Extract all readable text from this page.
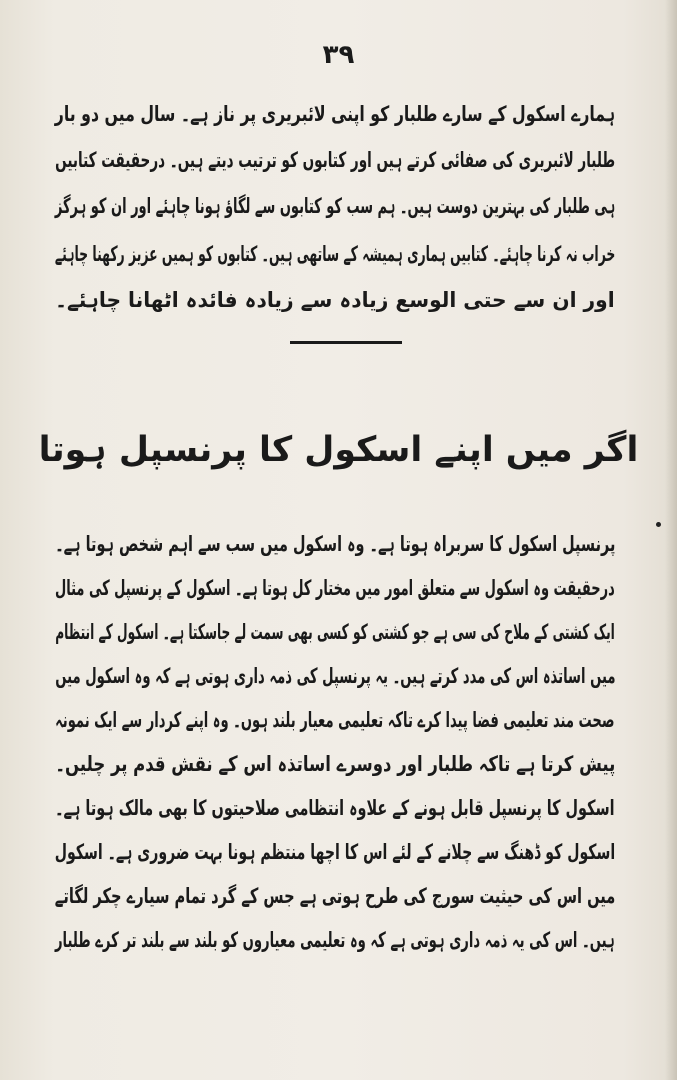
۳۹
ہمارے اسکول کے سارے طلبار کو اپنی لائبریری پر ناز ہے۔ سال میں دو بار
طلبار لائبریری کی صفائی کرتے ہیں اور کتابوں کو ترتیب دیتے ہیں۔ درحقیقت کتابیں
ہی طلبار کی بہترین دوست ہیں۔ ہم سب کو کتابوں سے لگاؤ ہونا چاہئے اور ان کو ہرگز
خراب نہ کرنا چاہئے۔ کتابیں ہماری ہمیشہ کے ساتھی ہیں۔ کتابوں کو ہمیں عزیز رکھنا چاہئے
اور ان سے حتی الوسع زیادہ سے زیادہ فائدہ اٹھانا چاہئے۔
اگر میں اپنے اسکول کا پرنسپل ہوتا
پرنسپل اسکول کا سربراہ ہوتا ہے۔ وہ اسکول میں سب سے اہم شخص ہوتا ہے۔
درحقیقت وہ اسکول سے متعلق امور میں مختار کل ہوتا ہے۔ اسکول کے پرنسپل کی مثال
ایک کشتی کے ملاح کی سی ہے جو کشتی کو کسی بھی سمت لے جاسکتا ہے۔ اسکول کے انتظام
میں اساتذہ اس کی مدد کرتے ہیں۔ یہ پرنسپل کی ذمہ داری ہوتی ہے کہ وہ اسکول میں
صحت مند تعلیمی فضا پیدا کرے تاکہ تعلیمی معیار بلند ہوں۔ وہ اپنے کردار سے ایک نمونہ
پیش کرتا ہے تاکہ طلبار اور دوسرے اساتذہ اس کے نقش قدم پر چلیں۔
اسکول کا پرنسپل قابل ہونے کے علاوہ انتظامی صلاحیتوں کا بھی مالک ہوتا ہے۔
اسکول کو ڈھنگ سے چلانے کے لئے اس کا اچھا منتظم ہونا بہت ضروری ہے۔ اسکول
میں اس کی حیثیت سورج کی طرح ہوتی ہے جس کے گرد تمام سیارے چکر لگاتے
ہیں۔ اس کی یہ ذمہ داری ہوتی ہے کہ وہ تعلیمی معیاروں کو بلند سے بلند تر کرے طلبار
